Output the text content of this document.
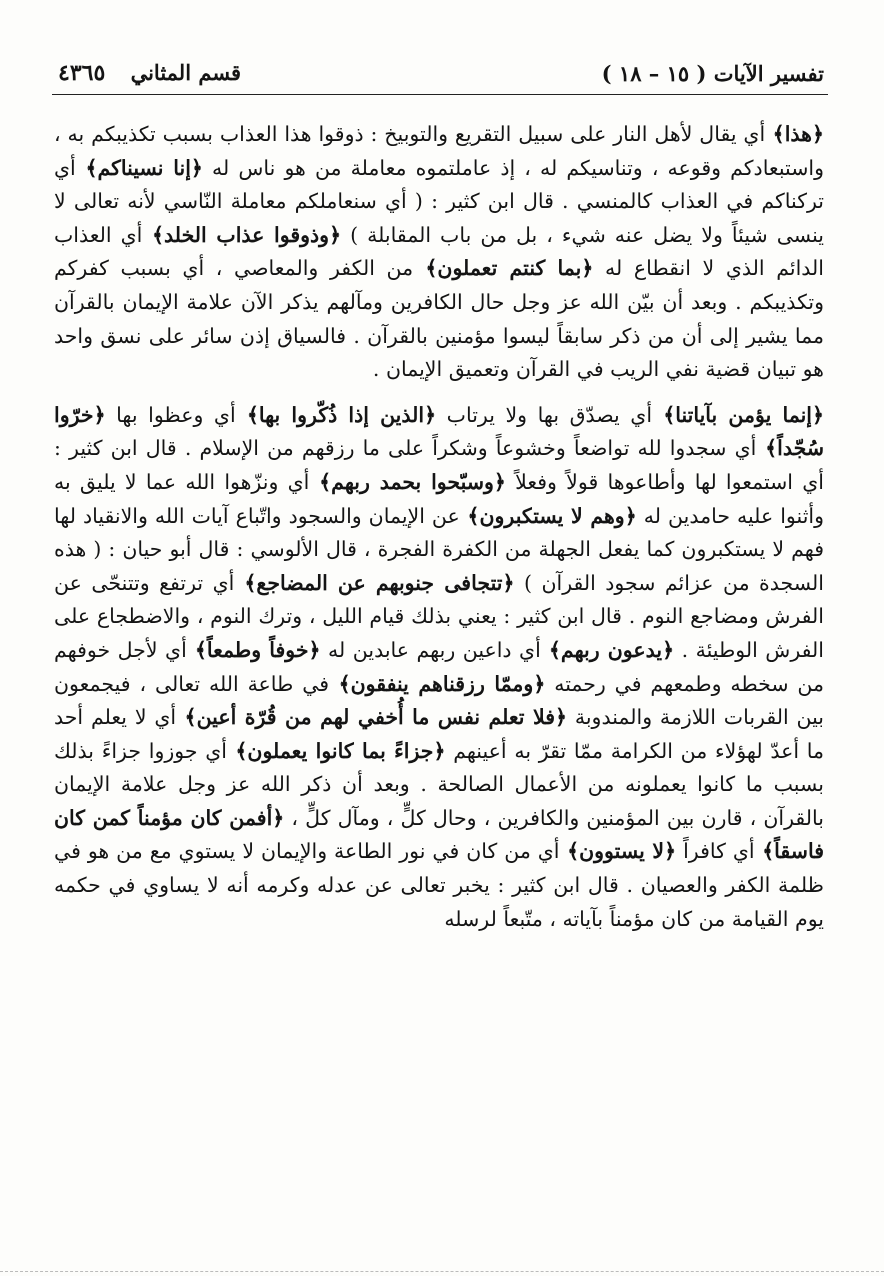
تفسير الآيات ( ١٥ – ١٨ )
قسم المثاني ٤٣٦٥

﴿هذا﴾ أي يقال لأهل النار على سبيل التقريع والتوبيخ : ذوقوا هذا العذاب بسبب تكذيبكم به ، واستبعادكم وقوعه ، وتناسيكم له ، إذ عاملتموه معاملة من هو ناس له ﴿إنا نسيناكم﴾ أي تركناكم في العذاب كالمنسي . قال ابن كثير : ( أي سنعاملكم معاملة النّاسي لأنه تعالى لا ينسى شيئاً ولا يضل عنه شيء ، بل من باب المقابلة ) ﴿وذوقوا عذاب الخلد﴾ أي العذاب الدائم الذي لا انقطاع له ﴿بما كنتم تعملون﴾ من الكفر والمعاصي ، أي بسبب كفركم وتكذيبكم . وبعد أن بيّن الله عز وجل حال الكافرين ومآلهم يذكر الآن علامة الإيمان بالقرآن مما يشير إلى أن من ذكر سابقاً ليسوا مؤمنين بالقرآن . فالسياق إذن سائر على نسق واحد هو تبيان قضية نفي الريب في القرآن وتعميق الإيمان .

﴿إنما يؤمن بآياتنا﴾ أي يصدّق بها ولا يرتاب ﴿الذين إذا ذُكّروا بها﴾ أي وعظوا بها ﴿خرّوا سُجّداً﴾ أي سجدوا لله تواضعاً وخشوعاً وشكراً على ما رزقهم من الإسلام . قال ابن كثير : أي استمعوا لها وأطاعوها قولاً وفعلاً ﴿وسبّحوا بحمد ربهم﴾ أي ونزّهوا الله عما لا يليق به وأثنوا عليه حامدين له ﴿وهم لا يستكبرون﴾ عن الإيمان والسجود واتّباع آيات الله والانقياد لها فهم لا يستكبرون كما يفعل الجهلة من الكفرة الفجرة ، قال الألوسي : قال أبو حيان : ( هذه السجدة من عزائم سجود القرآن ) ﴿تتجافى جنوبهم عن المضاجع﴾ أي ترتفع وتتنحّى عن الفرش ومضاجع النوم . قال ابن كثير : يعني بذلك قيام الليل ، وترك النوم ، والاضطجاع على الفرش الوطيئة . ﴿يدعون ربهم﴾ أي داعين ربهم عابدين له ﴿خوفاً وطمعاً﴾ أي لأجل خوفهم من سخطه وطمعهم في رحمته ﴿وممّا رزقناهم ينفقون﴾ في طاعة الله تعالى ، فيجمعون بين القربات اللازمة والمندوبة ﴿فلا تعلم نفس ما أُخفي لهم من قُرّة أعين﴾ أي لا يعلم أحد ما أعدّ لهؤلاء من الكرامة ممّا تقرّ به أعينهم ﴿جزاءً بما كانوا يعملون﴾ أي جوزوا جزاءً بذلك بسبب ما كانوا يعملونه من الأعمال الصالحة . وبعد أن ذكر الله عز وجل علامة الإيمان بالقرآن ، قارن بين المؤمنين والكافرين ، وحال كلٍّ ، ومآل كلٍّ ، ﴿أفمن كان مؤمناً كمن كان فاسقاً﴾ أي كافراً ﴿لا يستوون﴾ أي من كان في نور الطاعة والإيمان لا يستوي مع من هو في ظلمة الكفر والعصيان . قال ابن كثير : يخبر تعالى عن عدله وكرمه أنه لا يساوي في حكمه يوم القيامة من كان مؤمناً بآياته ، متّبعاً لرسله
